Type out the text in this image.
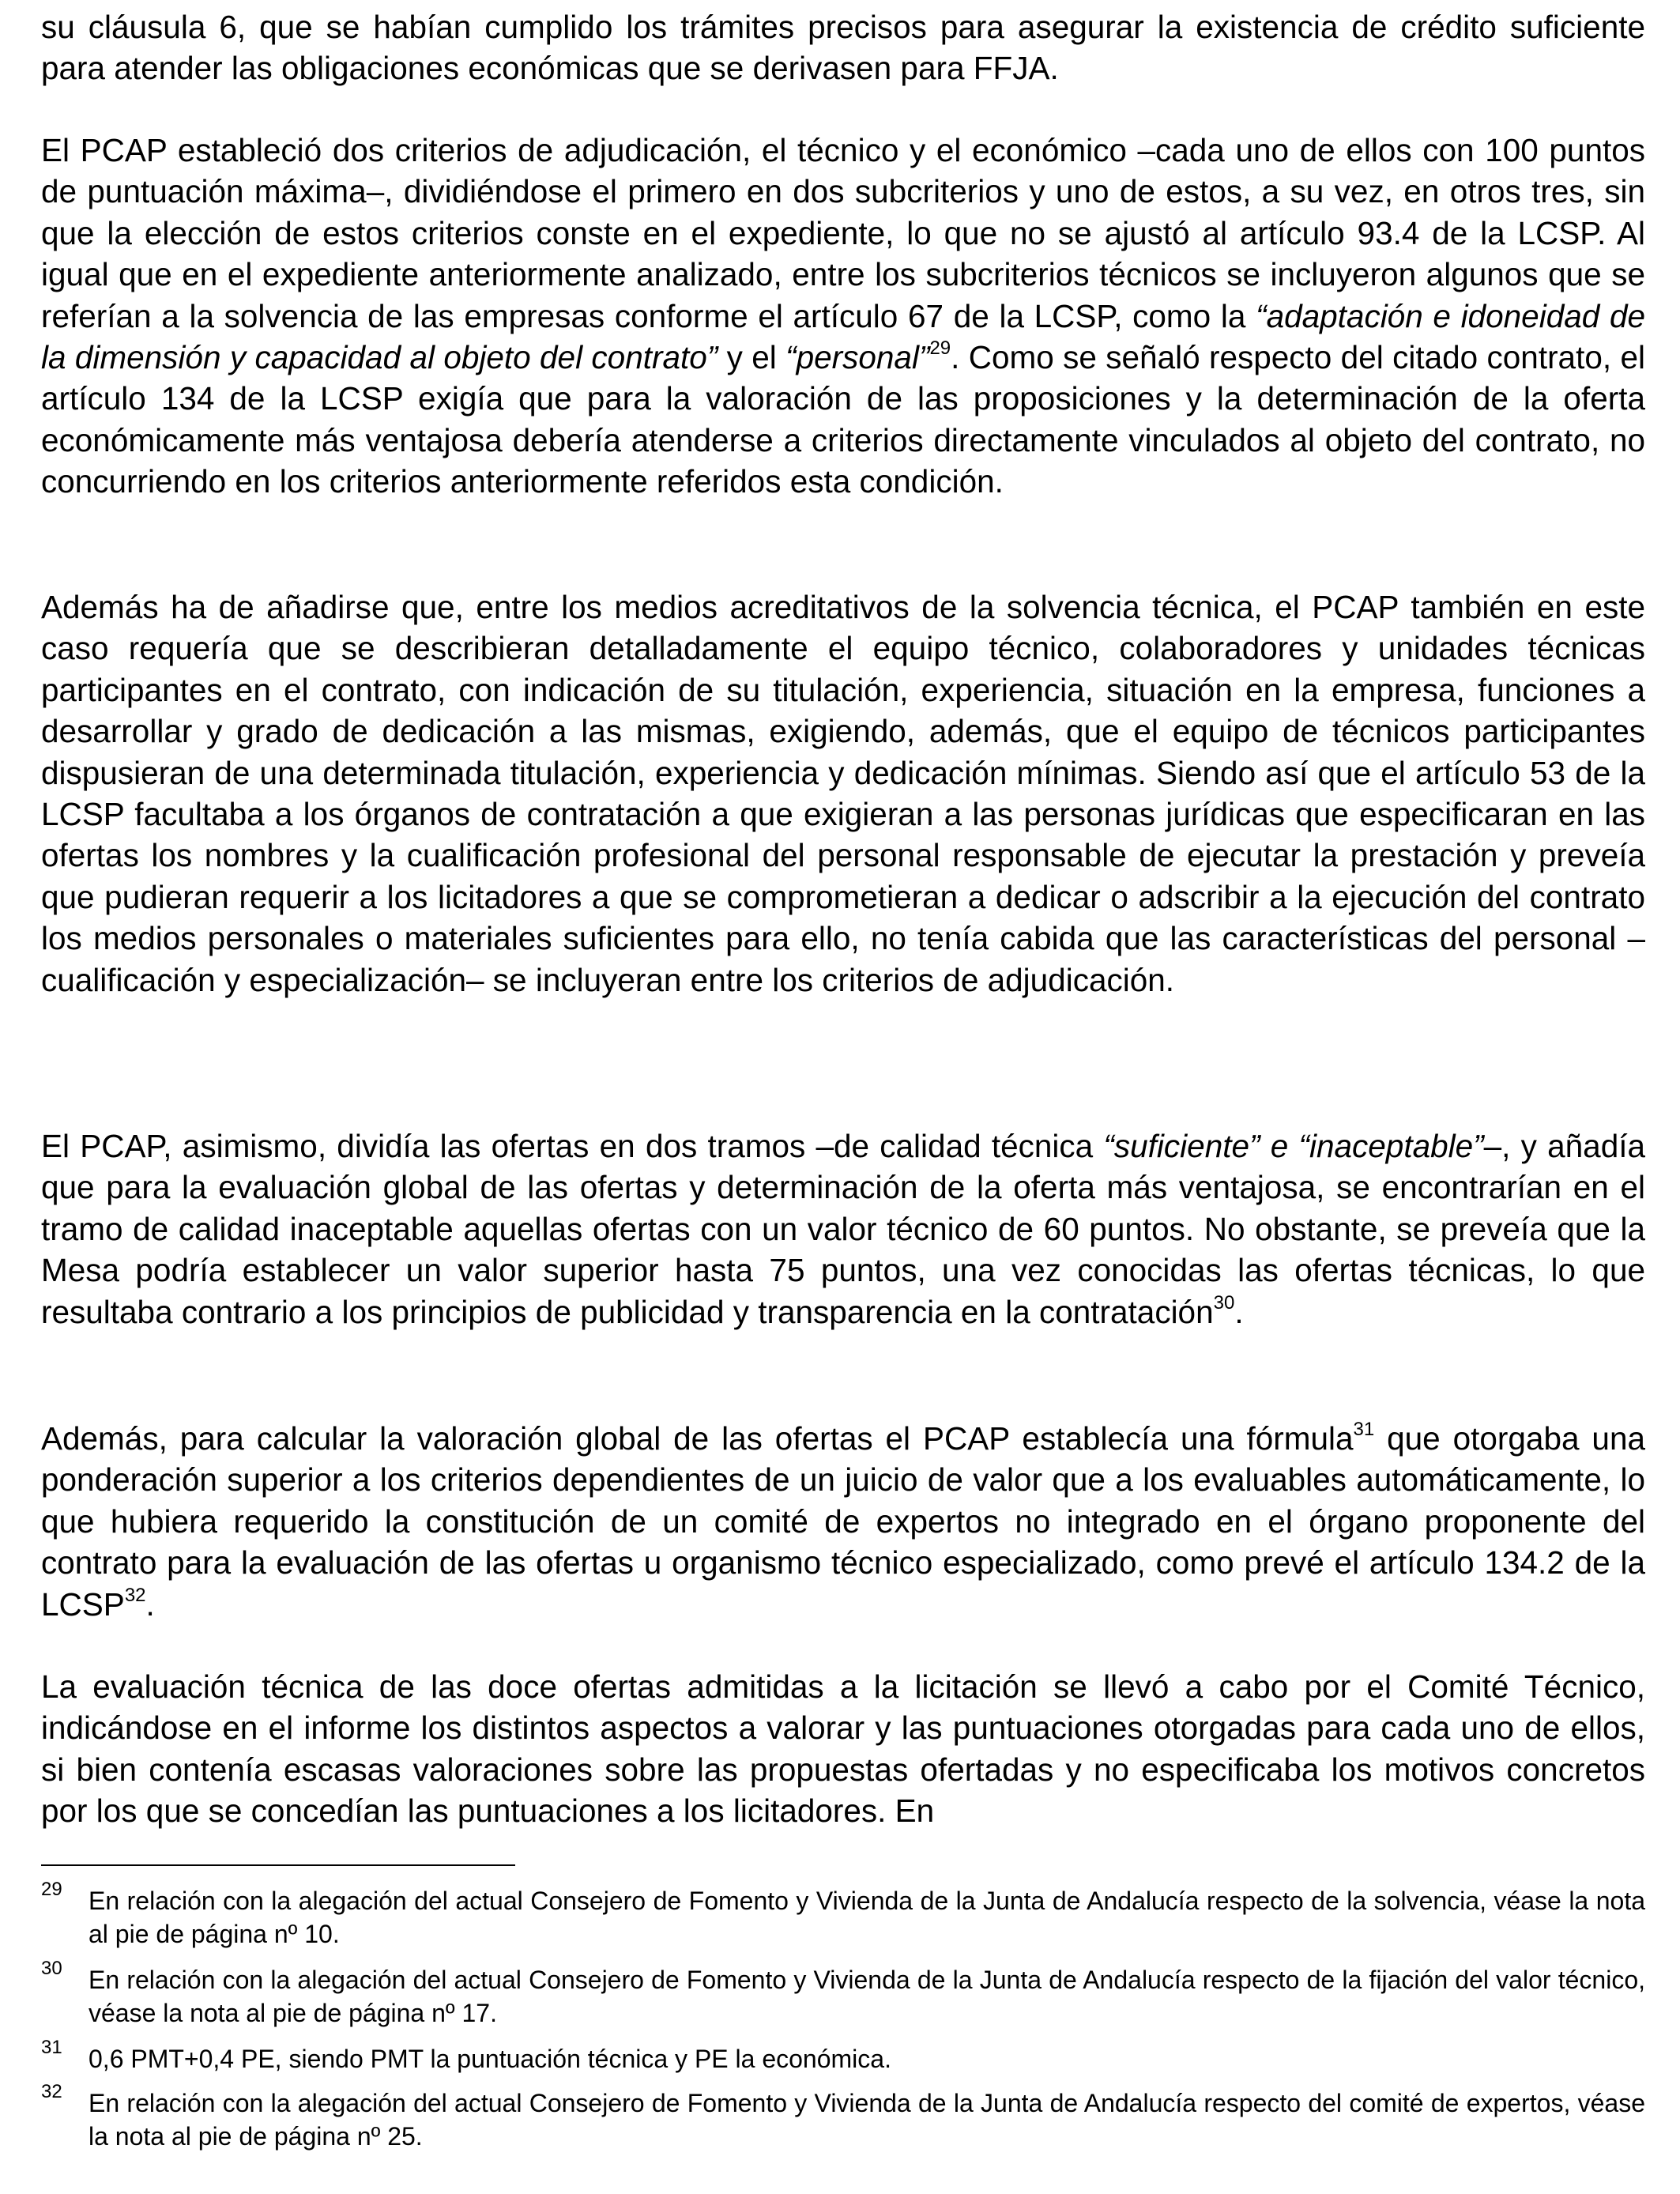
su cláusula 6, que se habían cumplido los trámites precisos para asegurar la existencia de crédito suficiente para atender las obligaciones económicas que se derivasen para FFJA.

El PCAP estableció dos criterios de adjudicación, el técnico y el económico –cada uno de ellos con 100 puntos de puntuación máxima–, dividiéndose el primero en dos subcriterios y uno de estos, a su vez, en otros tres, sin que la elección de estos criterios conste en el expediente, lo que no se ajustó al artículo 93.4 de la LCSP. Al igual que en el expediente anteriormente analizado, entre los subcriterios técnicos se incluyeron algunos que se referían a la solvencia de las empresas conforme el artículo 67 de la LCSP, como la “adaptación e idoneidad de la dimensión y capacidad al objeto del contrato” y el “personal”$^{29}$. Como se señaló respecto del citado contrato, el artículo 134 de la LCSP exigía que para la valoración de las proposiciones y la determinación de la oferta económicamente más ventajosa debería atenderse a criterios directamente vinculados al objeto del contrato, no concurriendo en los criterios anteriormente referidos esta condición.

Además ha de añadirse que, entre los medios acreditativos de la solvencia técnica, el PCAP también en este caso requería que se describieran detalladamente el equipo técnico, colaboradores y unidades técnicas participantes en el contrato, con indicación de su titulación, experiencia, situación en la empresa, funciones a desarrollar y grado de dedicación a las mismas, exigiendo, además, que el equipo de técnicos participantes dispusieran de una determinada titulación, experiencia y dedicación mínimas. Siendo así que el artículo 53 de la LCSP facultaba a los órganos de contratación a que exigieran a las personas jurídicas que especificaran en las ofertas los nombres y la cualificación profesional del personal responsable de ejecutar la prestación y preveía que pudieran requerir a los licitadores a que se comprometieran a dedicar o adscribir a la ejecución del contrato los medios personales o materiales suficientes para ello, no tenía cabida que las características del personal –cualificación y especialización– se incluyeran entre los criterios de adjudicación.

El PCAP, asimismo, dividía las ofertas en dos tramos –de calidad técnica “suficiente” e “inaceptable”–, y añadía que para la evaluación global de las ofertas y determinación de la oferta más ventajosa, se encontrarían en el tramo de calidad inaceptable aquellas ofertas con un valor técnico de 60 puntos. No obstante, se preveía que la Mesa podría establecer un valor superior hasta 75 puntos, una vez conocidas las ofertas técnicas, lo que resultaba contrario a los principios de publicidad y transparencia en la contratación$^{30}$.

Además, para calcular la valoración global de las ofertas el PCAP establecía una fórmula$^{31}$ que otorgaba una ponderación superior a los criterios dependientes de un juicio de valor que a los evaluables automáticamente, lo que hubiera requerido la constitución de un comité de expertos no integrado en el órgano proponente del contrato para la evaluación de las ofertas u organismo técnico especializado, como prevé el artículo 134.2 de la LCSP$^{32}$.

La evaluación técnica de las doce ofertas admitidas a la licitación se llevó a cabo por el Comité Técnico, indicándose en el informe los distintos aspectos a valorar y las puntuaciones otorgadas para cada uno de ellos, si bien contenía escasas valoraciones sobre las propuestas ofertadas y no especificaba los motivos concretos por los que se concedían las puntuaciones a los licitadores. En

29 En relación con la alegación del actual Consejero de Fomento y Vivienda de la Junta de Andalucía respecto de la solvencia, véase la nota al pie de página nº 10.
30 En relación con la alegación del actual Consejero de Fomento y Vivienda de la Junta de Andalucía respecto de la fijación del valor técnico, véase la nota al pie de página nº 17.
31 0,6 PMT+0,4 PE, siendo PMT la puntuación técnica y PE la económica.
32 En relación con la alegación del actual Consejero de Fomento y Vivienda de la Junta de Andalucía respecto del comité de expertos, véase la nota al pie de página nº 25.
